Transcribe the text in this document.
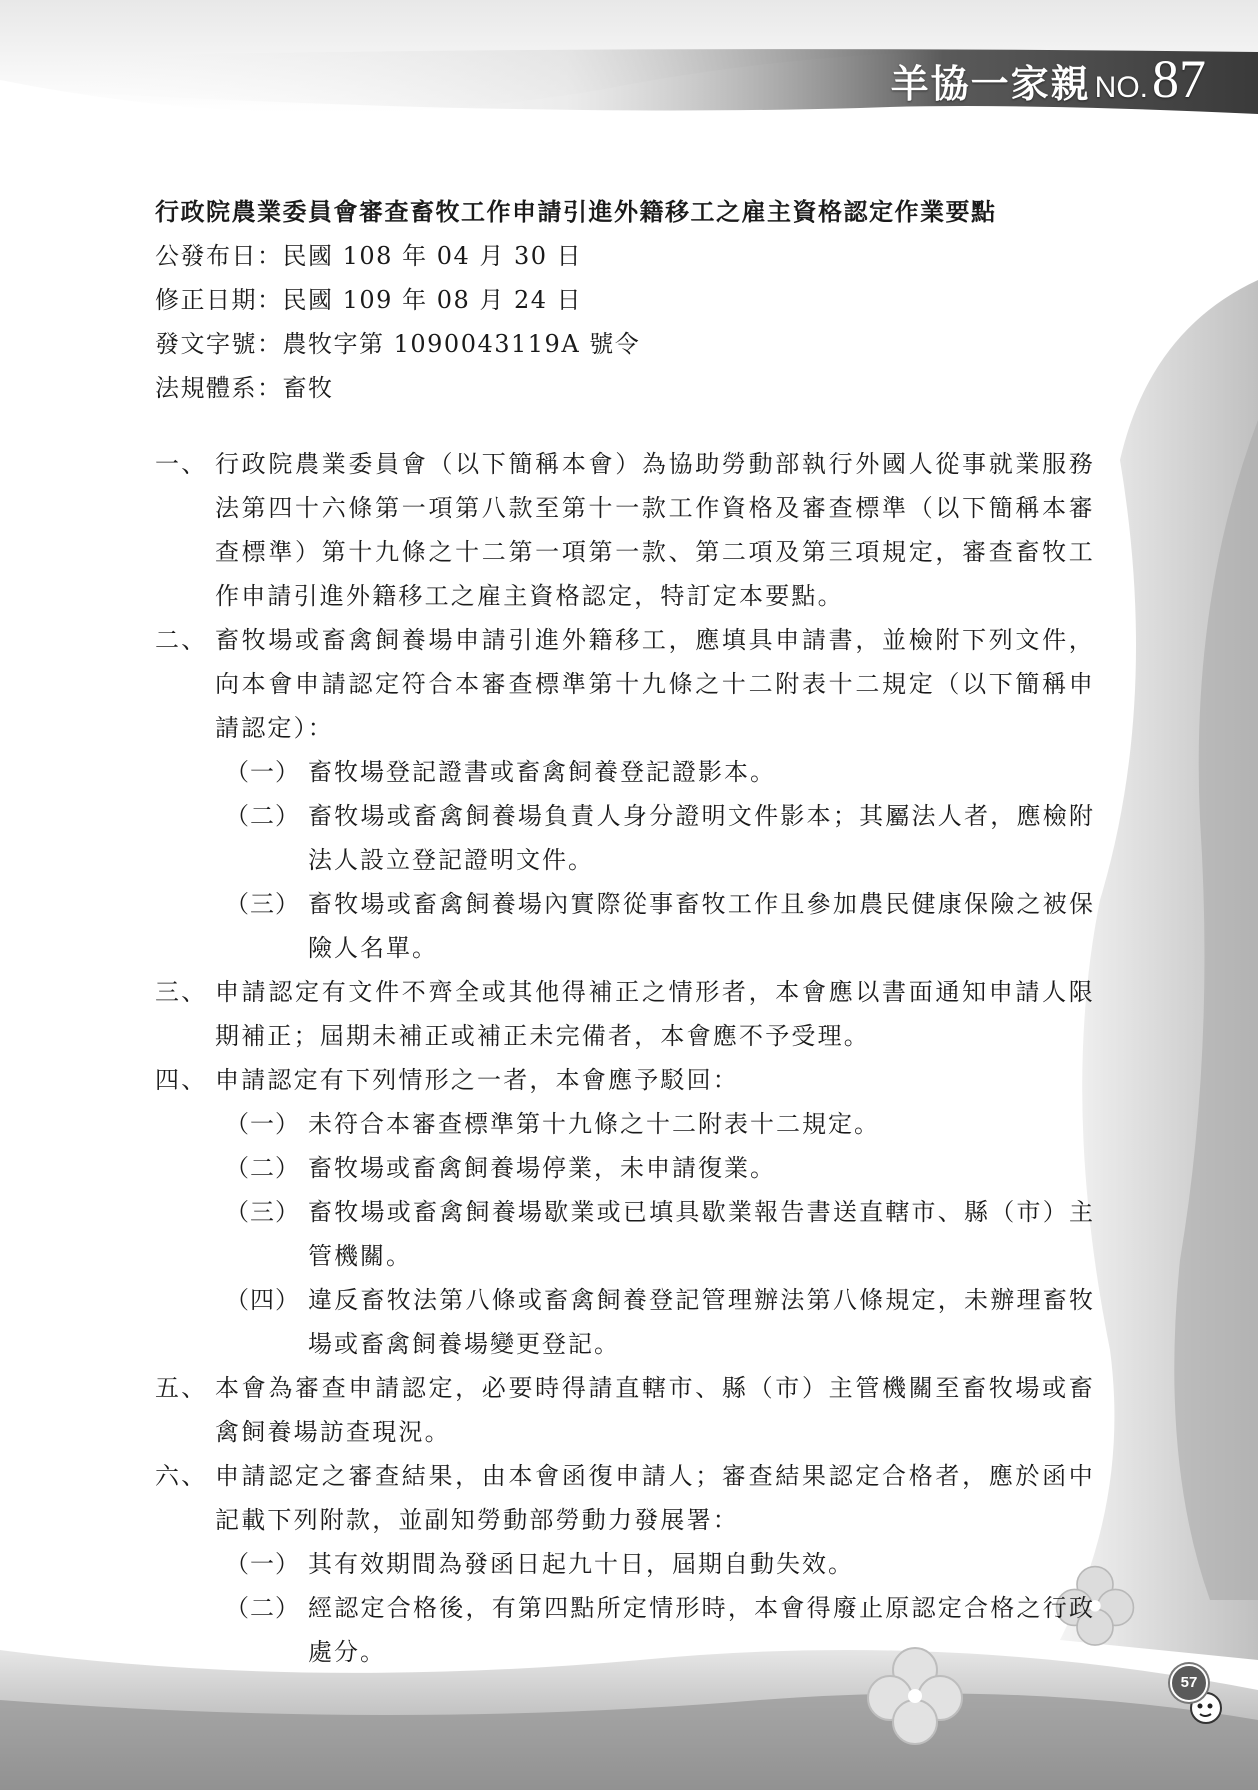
羊協一家親 NO. 87
行政院農業委員會審查畜牧工作申請引進外籍移工之雇主資格認定作業要點
公發布日：民國 108 年 04 月 30 日
修正日期：民國 109 年 08 月 24 日
發文字號：農牧字第 1090043119A 號令
法規體系：畜牧
一、 行政院農業委員會（以下簡稱本會）為協助勞動部執行外國人從事就業服務法第四十六條第一項第八款至第十一款工作資格及審查標準（以下簡稱本審查標準）第十九條之十二第一項第一款、第二項及第三項規定，審查畜牧工作申請引進外籍移工之雇主資格認定，特訂定本要點。
二、 畜牧場或畜禽飼養場申請引進外籍移工，應填具申請書，並檢附下列文件，向本會申請認定符合本審查標準第十九條之十二附表十二規定（以下簡稱申請認定）：
（一） 畜牧場登記證書或畜禽飼養登記證影本。
（二） 畜牧場或畜禽飼養場負責人身分證明文件影本；其屬法人者，應檢附法人設立登記證明文件。
（三） 畜牧場或畜禽飼養場內實際從事畜牧工作且參加農民健康保險之被保險人名單。
三、 申請認定有文件不齊全或其他得補正之情形者，本會應以書面通知申請人限期補正；屆期未補正或補正未完備者，本會應不予受理。
四、 申請認定有下列情形之一者，本會應予駁回：
（一） 未符合本審查標準第十九條之十二附表十二規定。
（二） 畜牧場或畜禽飼養場停業，未申請復業。
（三） 畜牧場或畜禽飼養場歇業或已填具歇業報告書送直轄市、縣（市）主管機關。
（四） 違反畜牧法第八條或畜禽飼養登記管理辦法第八條規定，未辦理畜牧場或畜禽飼養場變更登記。
五、 本會為審查申請認定，必要時得請直轄市、縣（市）主管機關至畜牧場或畜禽飼養場訪查現況。
六、 申請認定之審查結果，由本會函復申請人；審查結果認定合格者，應於函中記載下列附款，並副知勞動部勞動力發展署：
（一） 其有效期間為發函日起九十日，屆期自動失效。
（二） 經認定合格後，有第四點所定情形時，本會得廢止原認定合格之行政處分。
57
